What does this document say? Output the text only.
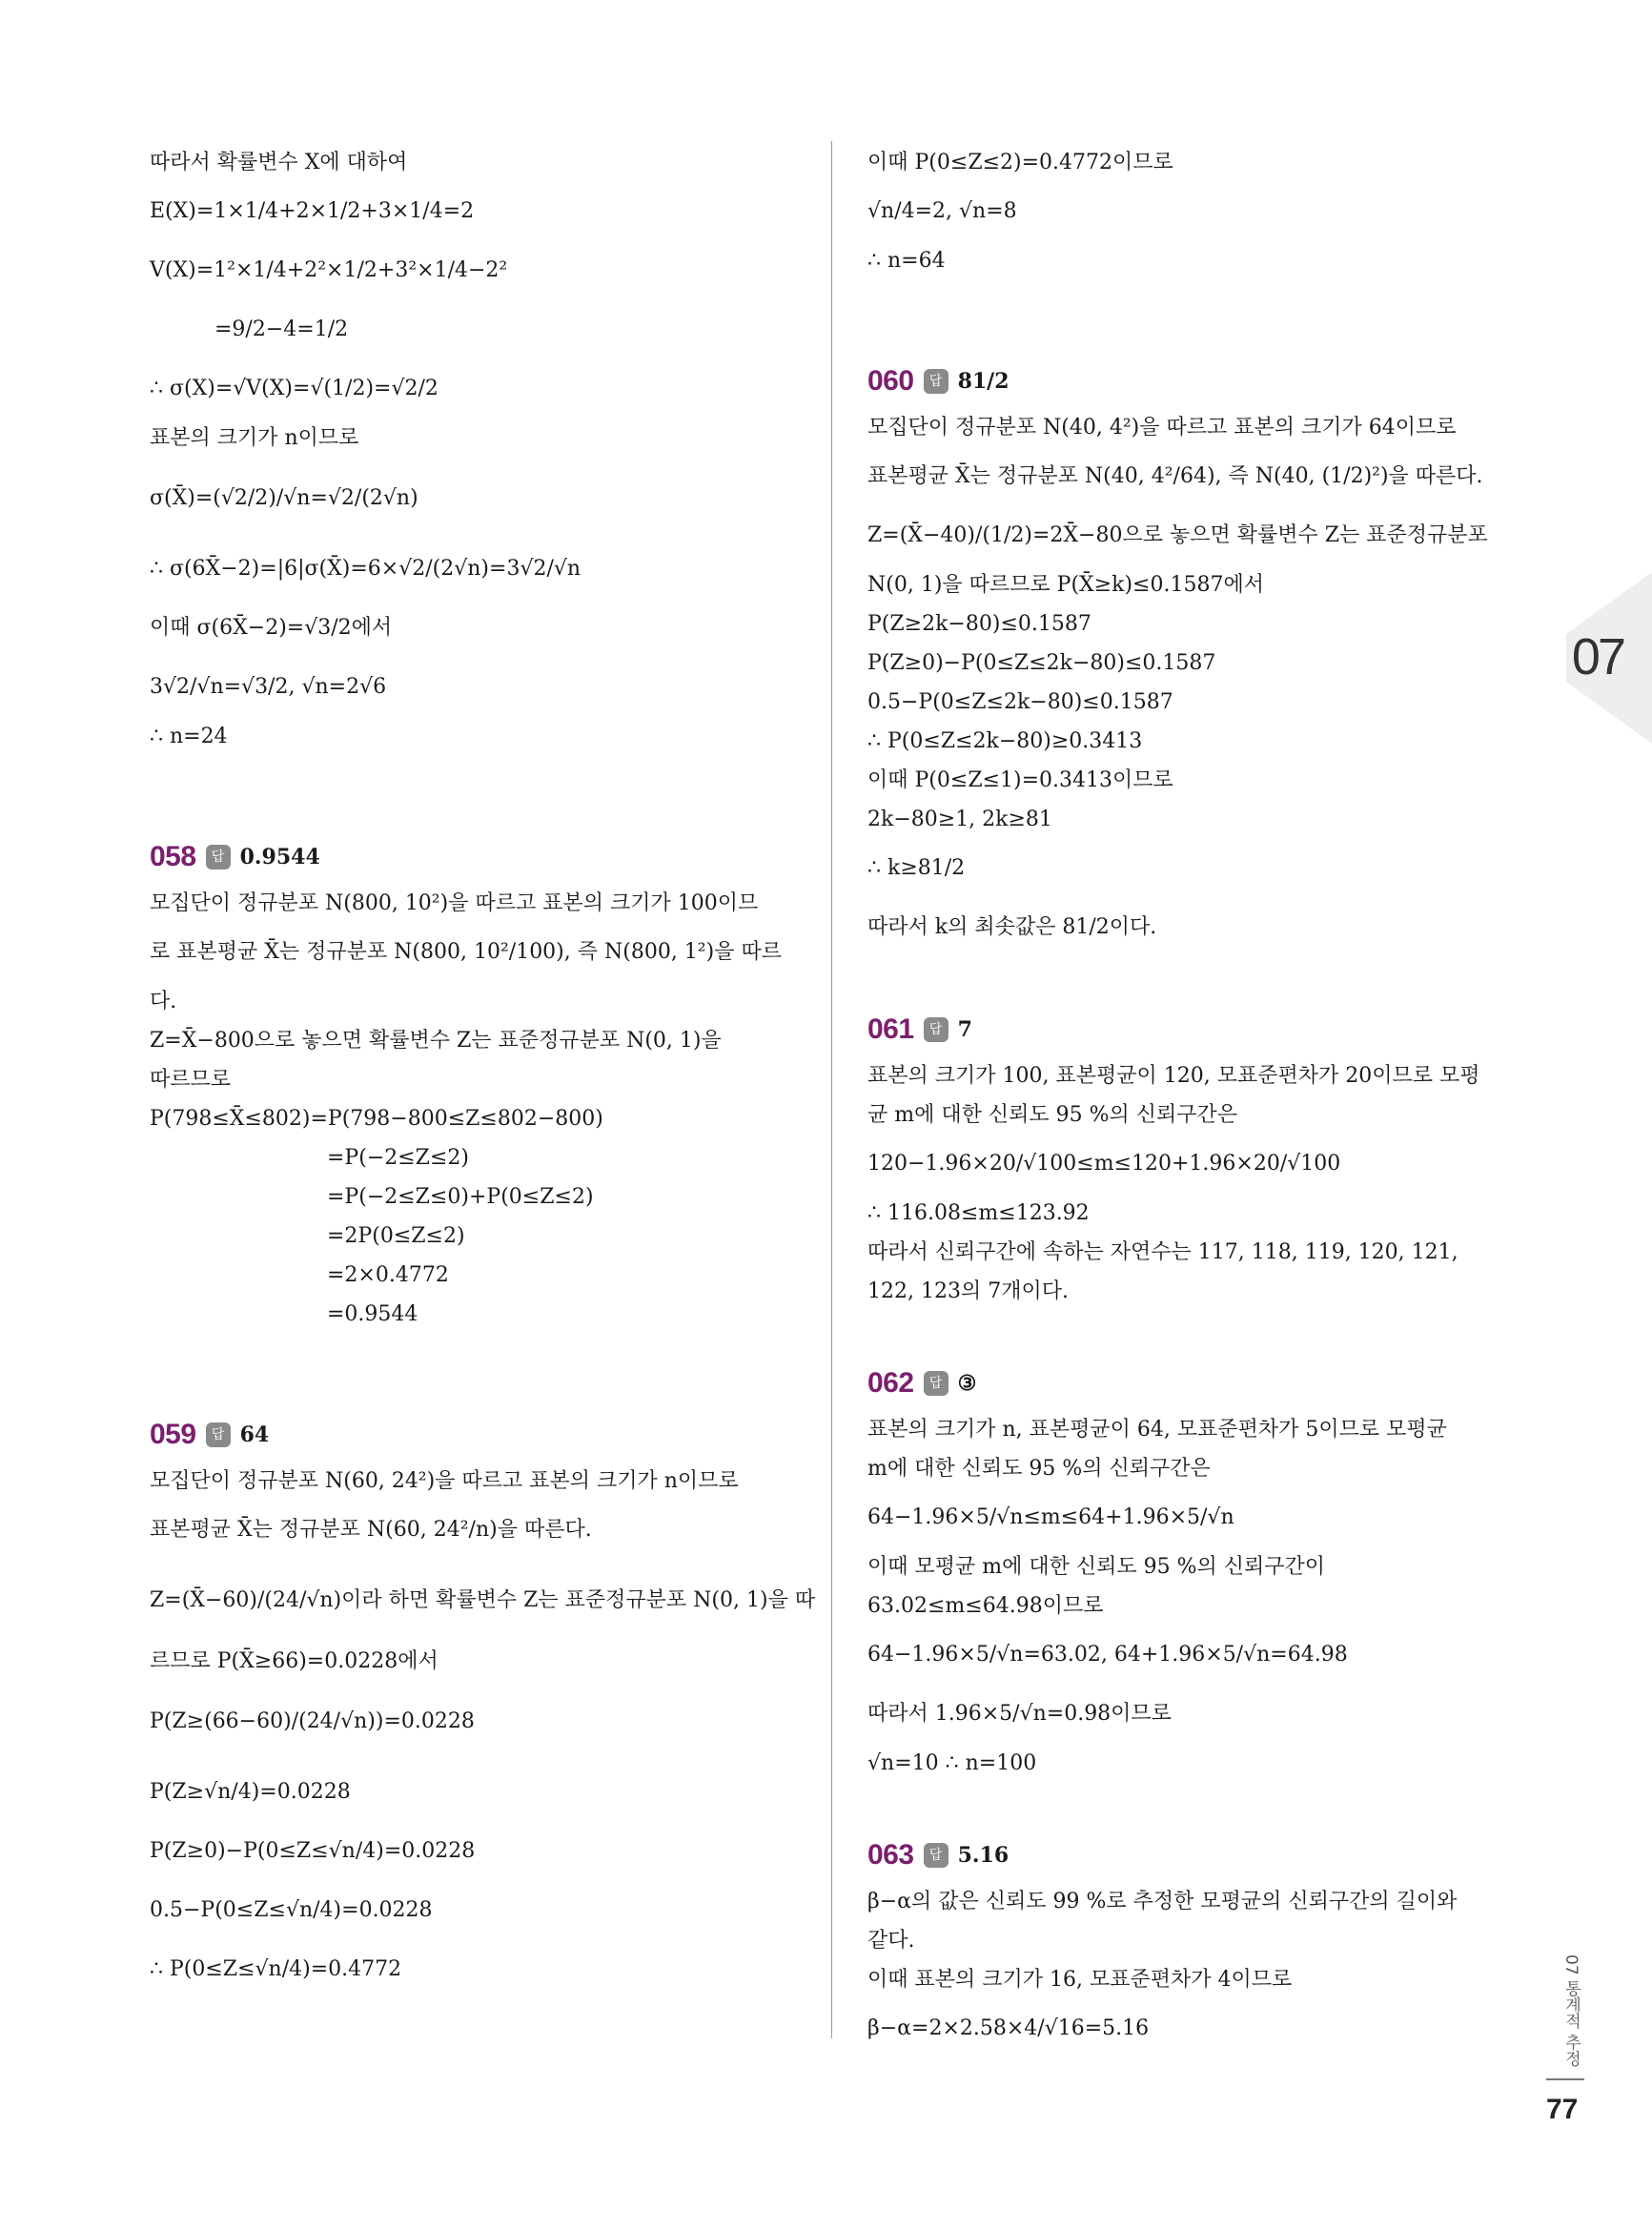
따라서 확률변수 X에 대하여
E(X)=1×1/4+2×1/2+3×1/4=2
V(X)=1²×1/4+2²×1/2+3²×1/4−2²
=9/2−4=1/2
∴ σ(X)=√V(X)=√(1/2)=√2/2
표본의 크기가 n이므로
σ(X̄)=(√2/2)/√n=√2/(2√n)
∴ σ(6X̄−2)=|6|σ(X̄)=6×√2/(2√n)=3√2/√n
이때 σ(6X̄−2)=√3/2에서
3√2/√n=√3/2, √n=2√6
∴ n=24
058	답 0.9544
모집단이 정규분포 N(800, 10²)을 따르고 표본의 크기가 100이므
로 표본평균 X̄는 정규분포 N(800, 10²/100), 즉 N(800, 1²)을 따르
다.
Z=X̄−800으로 놓으면 확률변수 Z는 표준정규분포 N(0, 1)을
따르므로
P(798≤X̄≤802)=P(798−800≤Z≤802−800)
=P(−2≤Z≤2)
=P(−2≤Z≤0)+P(0≤Z≤2)
=2P(0≤Z≤2)
=2×0.4772
=0.9544
059	답 64
모집단이 정규분포 N(60, 24²)을 따르고 표본의 크기가 n이므로
표본평균 X̄는 정규분포 N(60, 24²/n)을 따른다.
Z=(X̄−60)/(24/√n)이라 하면 확률변수 Z는 표준정규분포 N(0, 1)을 따
르므로 P(X̄≥66)=0.0228에서
P(Z≥(66−60)/(24/√n))=0.0228
P(Z≥√n/4)=0.0228
P(Z≥0)−P(0≤Z≤√n/4)=0.0228
0.5−P(0≤Z≤√n/4)=0.0228
∴ P(0≤Z≤√n/4)=0.4772
이때 P(0≤Z≤2)=0.4772이므로
√n/4=2, √n=8
∴ n=64
060	답 81/2
모집단이 정규분포 N(40, 4²)을 따르고 표본의 크기가 64이므로
표본평균 X̄는 정규분포 N(40, 4²/64), 즉 N(40, (1/2)²)을 따른다.
Z=(X̄−40)/(1/2)=2X̄−80으로 놓으면 확률변수 Z는 표준정규분포
N(0, 1)을 따르므로 P(X̄≥k)≤0.1587에서
P(Z≥2k−80)≤0.1587
P(Z≥0)−P(0≤Z≤2k−80)≤0.1587
0.5−P(0≤Z≤2k−80)≤0.1587
∴ P(0≤Z≤2k−80)≥0.3413
이때 P(0≤Z≤1)=0.3413이므로
2k−80≥1, 2k≥81
∴ k≥81/2
따라서 k의 최솟값은 81/2이다.
061	답 7
표본의 크기가 100, 표본평균이 120, 모표준편차가 20이므로 모평
균 m에 대한 신뢰도 95 %의 신뢰구간은
120−1.96×20/√100≤m≤120+1.96×20/√100
∴ 116.08≤m≤123.92
따라서 신뢰구간에 속하는 자연수는 117, 118, 119, 120, 121,
122, 123의 7개이다.
062	답 ③
표본의 크기가 n, 표본평균이 64, 모표준편차가 5이므로 모평균
m에 대한 신뢰도 95 %의 신뢰구간은
64−1.96×5/√n≤m≤64+1.96×5/√n
이때 모평균 m에 대한 신뢰도 95 %의 신뢰구간이
63.02≤m≤64.98이므로
64−1.96×5/√n=63.02, 64+1.96×5/√n=64.98
따라서 1.96×5/√n=0.98이므로
√n=10 ∴ n=100
063	답 5.16
β−α의 값은 신뢰도 99 %로 추정한 모평균의 신뢰구간의 길이와
같다.
이때 표본의 크기가 16, 모표준편차가 4이므로
β−α=2×2.58×4/√16=5.16
07
07 통계적 추정
77
